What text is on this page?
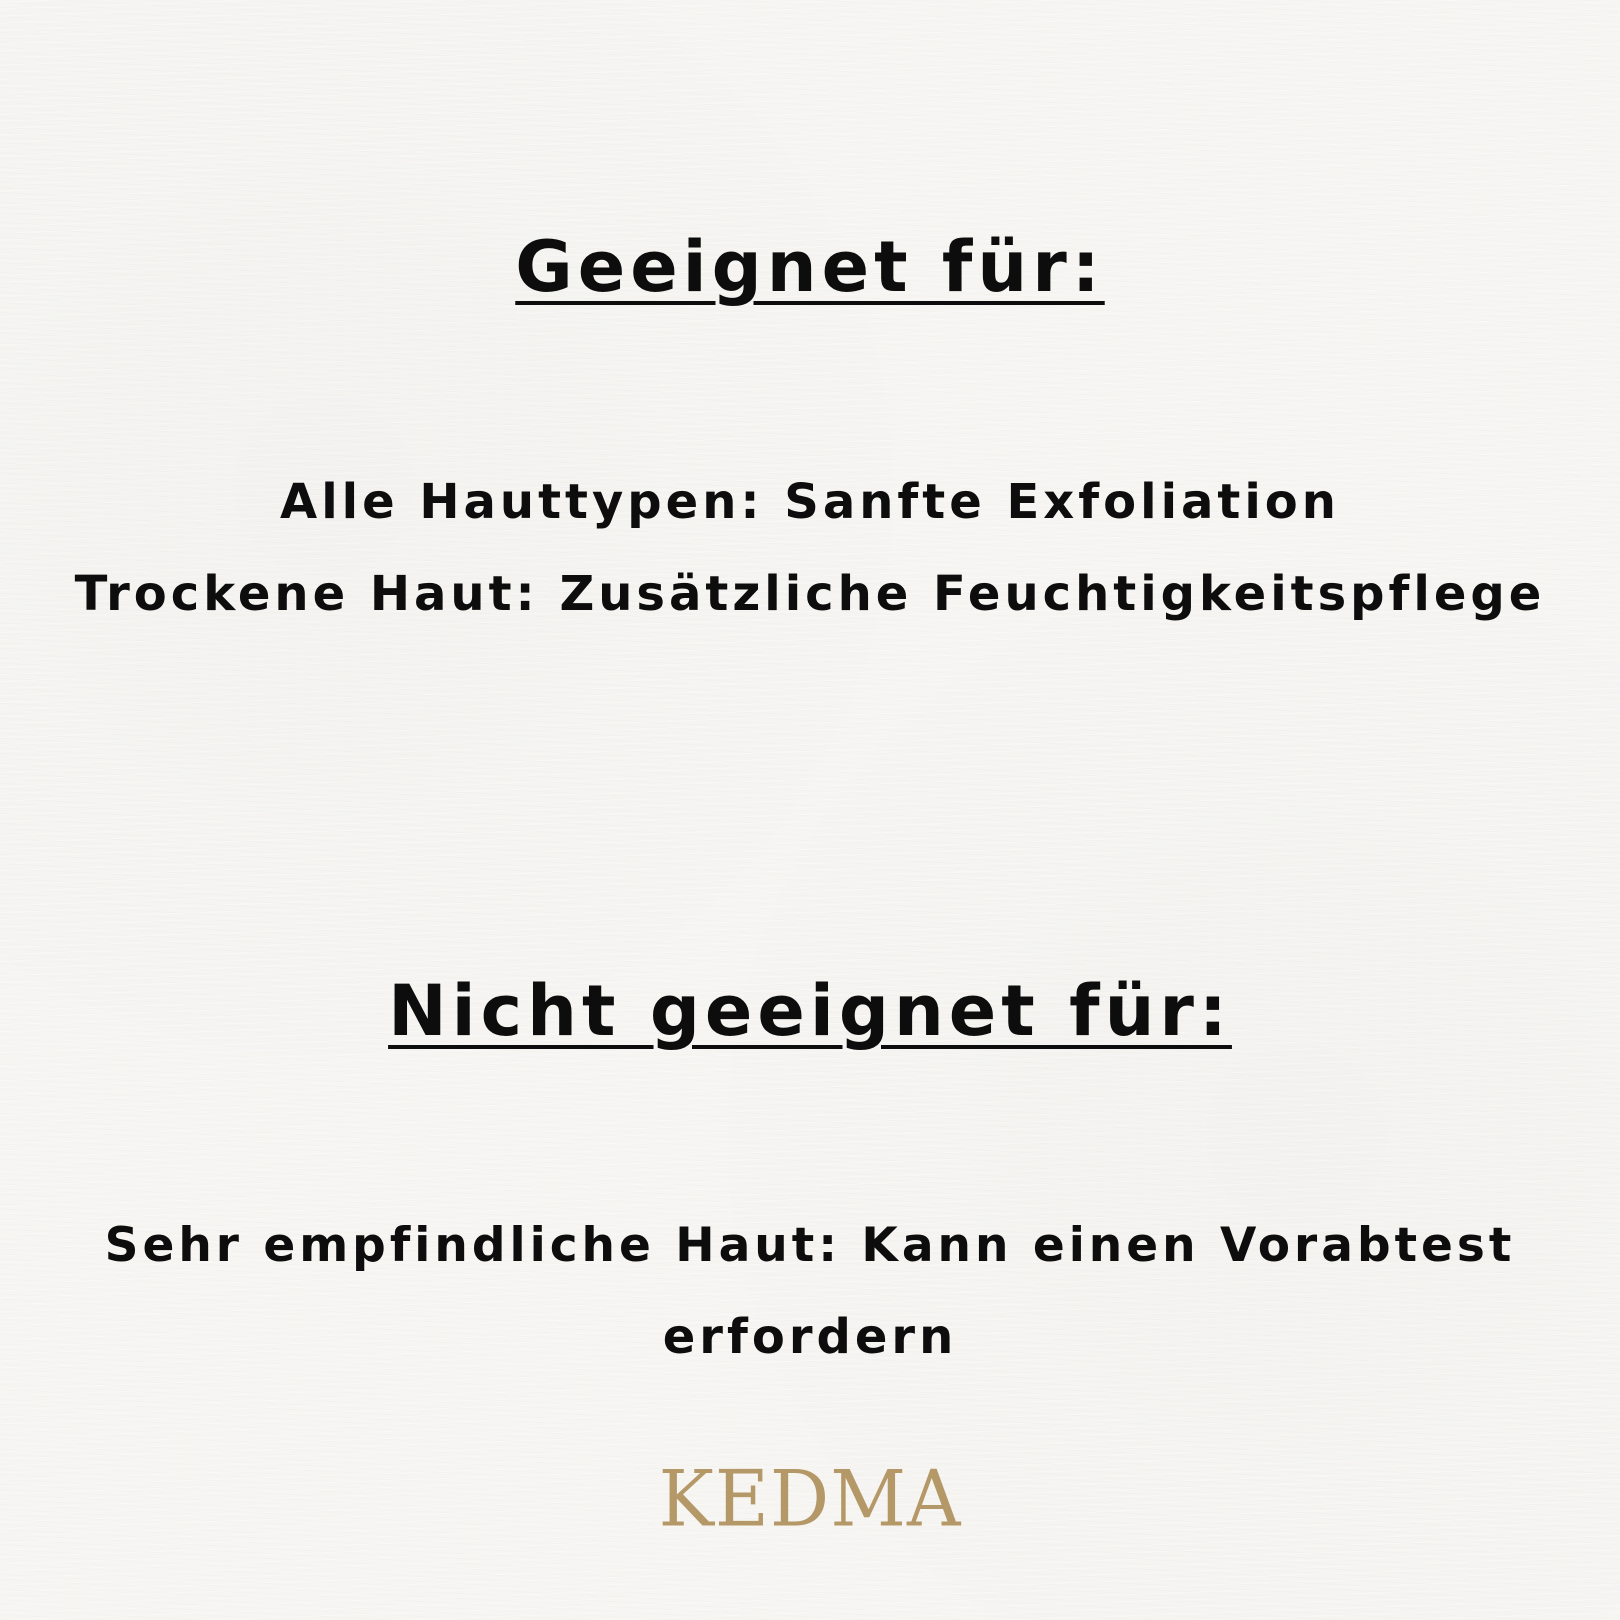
Geeignet für:

Alle Hauttypen: Sanfte Exfoliation

Trockene Haut: Zusätzliche Feuchtigkeitspflege

Nicht geeignet für:

Sehr empfindliche Haut: Kann einen Vorabtest

erfordern

KEDMA
